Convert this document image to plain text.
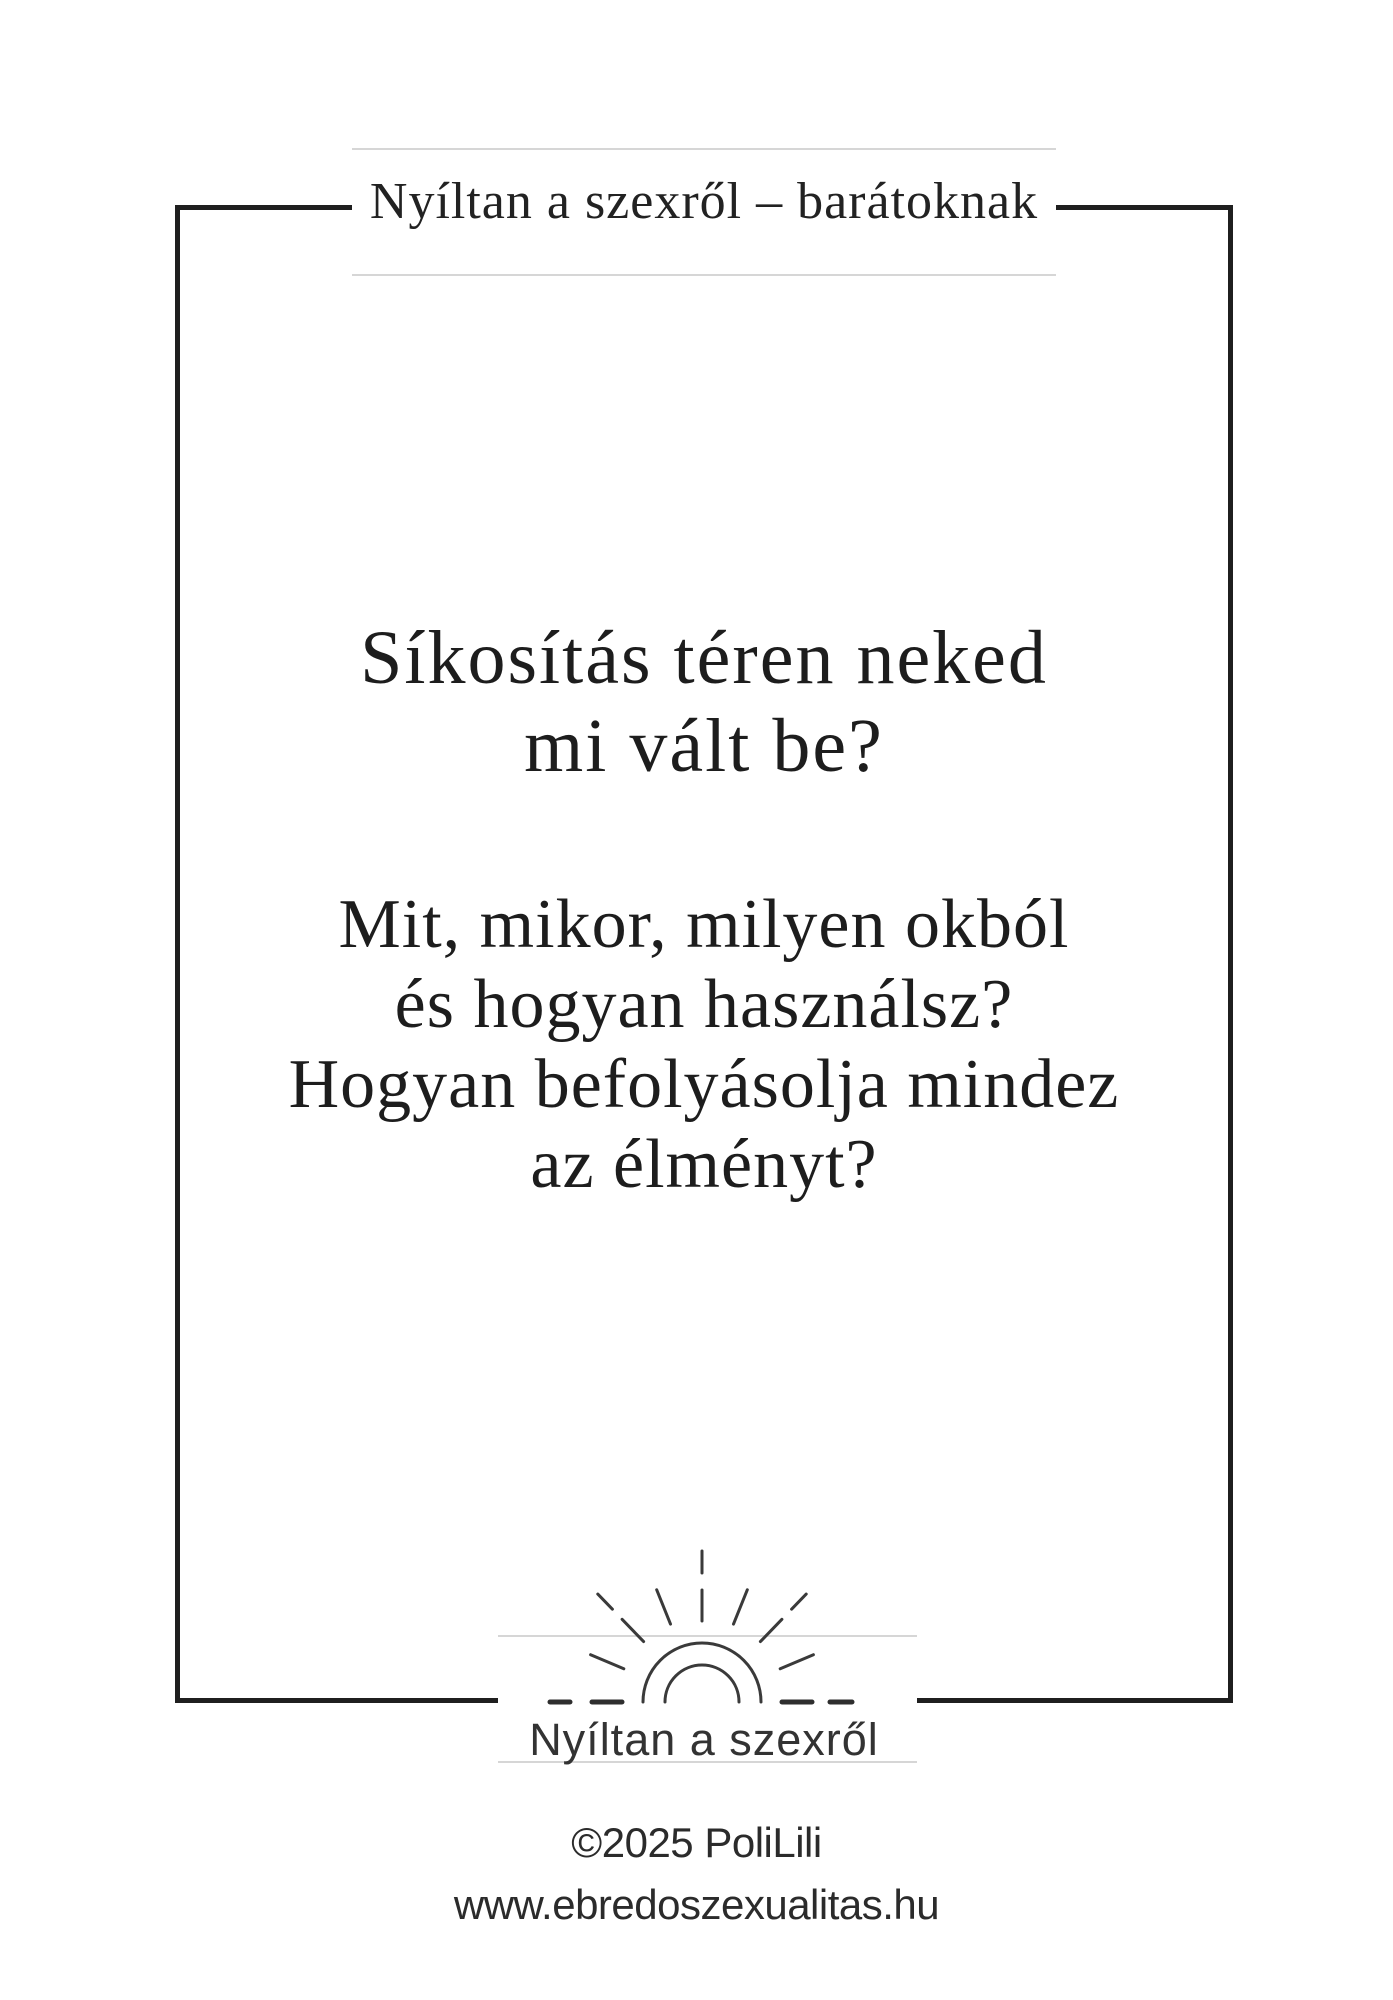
Nyíltan a szexről – barátoknak
Síkosítás téren neked
mi vált be?
Mit, mikor, milyen okból
és hogyan használsz?
Hogyan befolyásolja mindez
az élményt?
Nyíltan a szexről
©2025 PoliLili
www.ebredoszexualitas.hu
